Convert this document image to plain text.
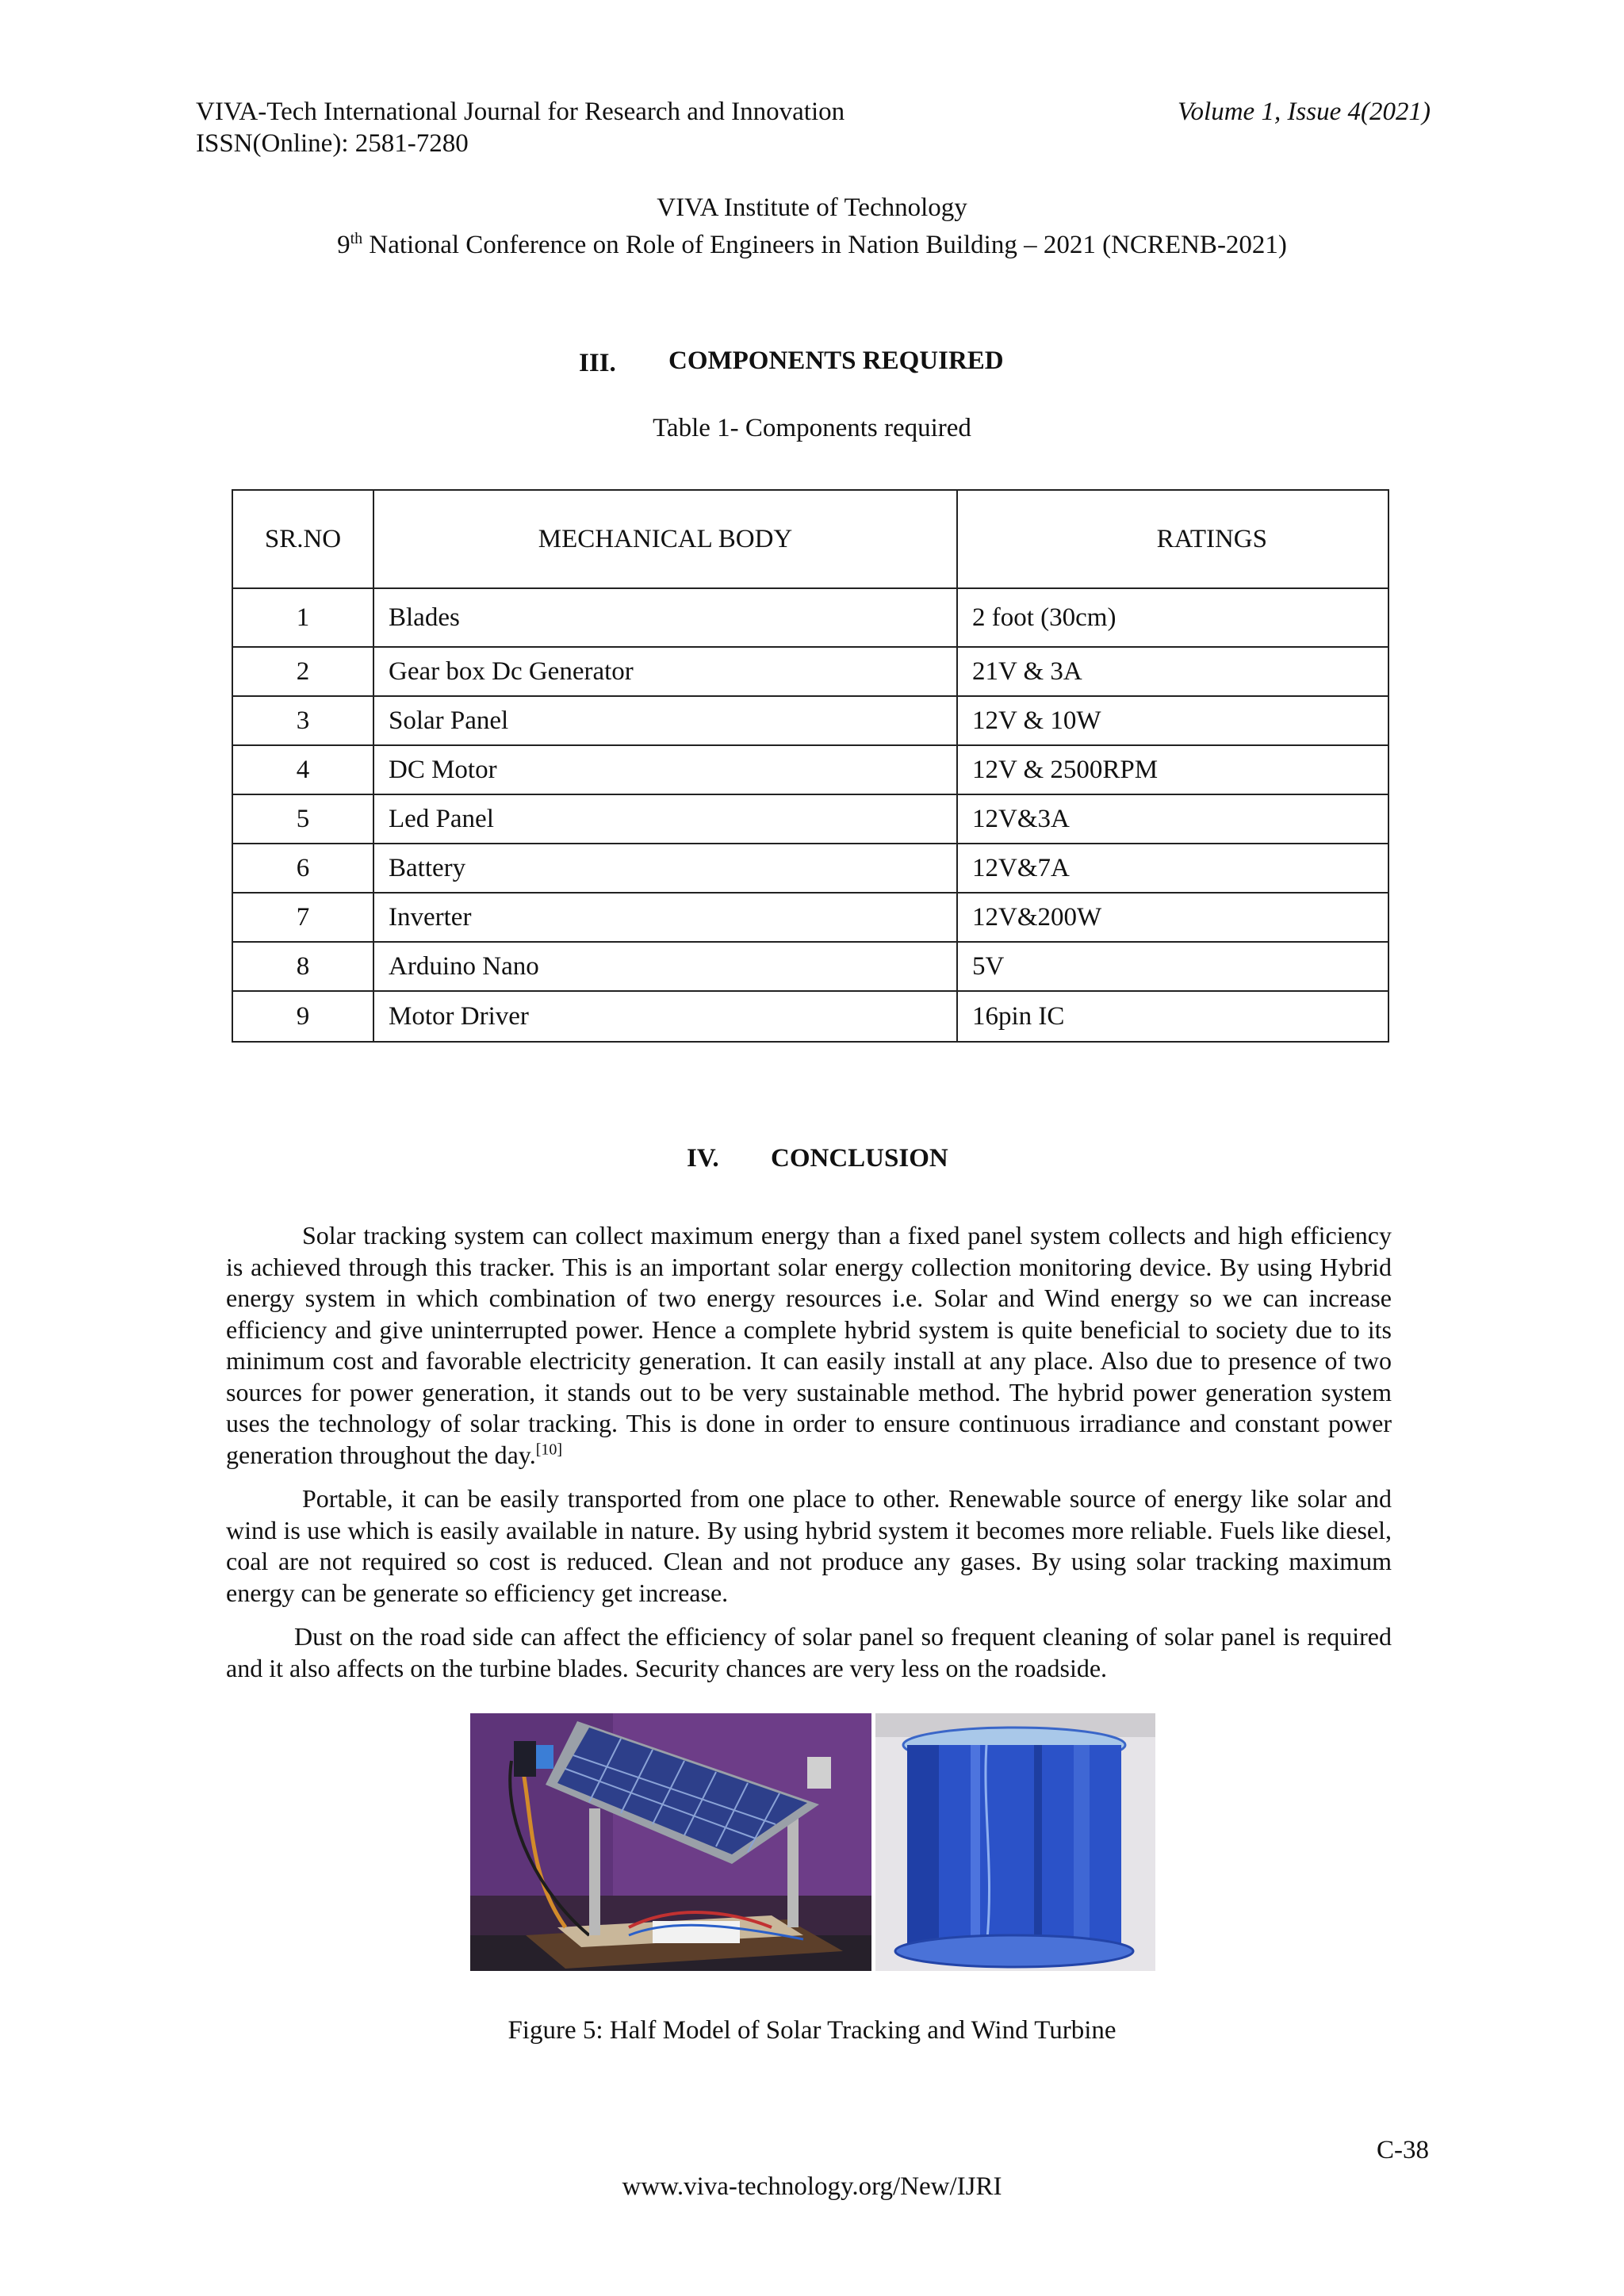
VIVA-Tech International Journal for Research and Innovation	Volume 1, Issue 4(2021)
ISSN(Online): 2581-7280
VIVA Institute of Technology
9th National Conference on Role of Engineers in Nation Building – 2021 (NCRENB-2021)
III. COMPONENTS REQUIRED
Table 1- Components required
SR.NO	MECHANICAL BODY	RATINGS
1	Blades	2 foot (30cm)
2	Gear box Dc Generator	21V & 3A
3	Solar Panel	12V & 10W
4	DC Motor	12V & 2500RPM
5	Led Panel	12V&3A
6	Battery	12V&7A
7	Inverter	12V&200W
8	Arduino Nano	5V
9	Motor Driver	16pin IC
IV. CONCLUSION

Solar tracking system can collect maximum energy than a fixed panel system collects and high efficiency is achieved through this tracker. This is an important solar energy collection monitoring device. By using Hybrid energy system in which combination of two energy resources i.e. Solar and Wind energy so we can increase efficiency and give uninterrupted power. Hence a complete hybrid system is quite beneficial to society due to its minimum cost and favorable electricity generation. It can easily install at any place. Also due to presence of two sources for power generation, it stands out to be very sustainable method. The hybrid power generation system uses the technology of solar tracking. This is done in order to ensure continuous irradiance and constant power generation throughout the day.[10]

Portable, it can be easily transported from one place to other. Renewable source of energy like solar and wind is use which is easily available in nature. By using hybrid system it becomes more reliable. Fuels like diesel, coal are not required so cost is reduced. Clean and not produce any gases. By using solar tracking maximum energy can be generate so efficiency get increase.

Dust on the road side can affect the efficiency of solar panel so frequent cleaning of solar panel is required and it also affects on the turbine blades. Security chances are very less on the roadside.

Figure 5: Half Model of Solar Tracking and Wind Turbine
C-38
www.viva-technology.org/New/IJRI
